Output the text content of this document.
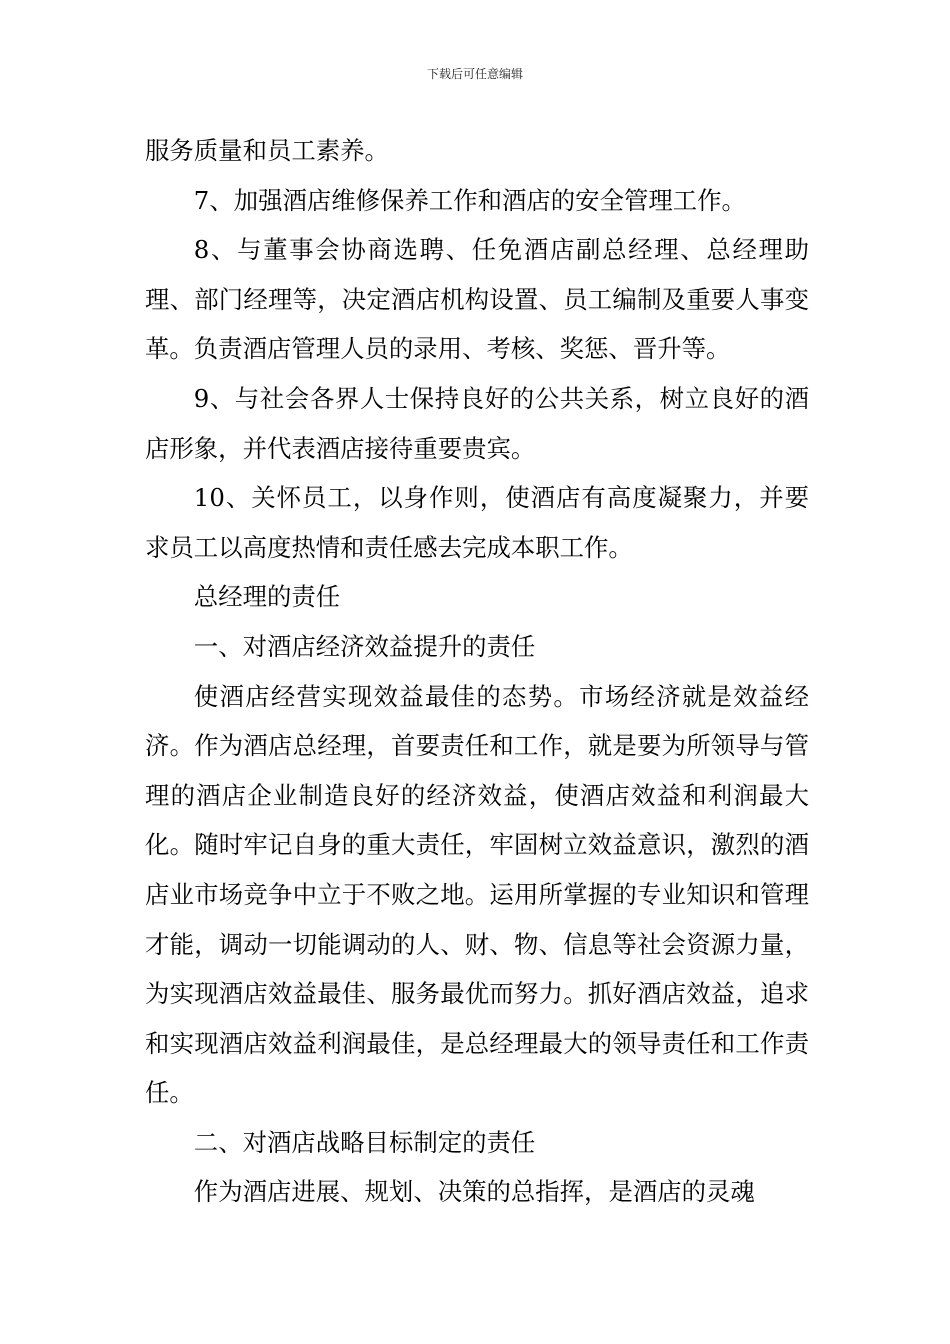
下载后可任意编辑

服务质量和员工素养。

7、加强酒店维修保养工作和酒店的安全管理工作。

8、与董事会协商选聘、任免酒店副总经理、总经理助理、部门经理等，决定酒店机构设置、员工编制及重要人事变革。负责酒店管理人员的录用、考核、奖惩、晋升等。

9、与社会各界人士保持良好的公共关系，树立良好的酒店形象，并代表酒店接待重要贵宾。

10、关怀员工，以身作则，使酒店有高度凝聚力，并要求员工以高度热情和责任感去完成本职工作。

总经理的责任

一、对酒店经济效益提升的责任

使酒店经营实现效益最佳的态势。市场经济就是效益经济。作为酒店总经理，首要责任和工作，就是要为所领导与管理的酒店企业制造良好的经济效益，使酒店效益和利润最大化。随时牢记自身的重大责任，牢固树立效益意识，激烈的酒店业市场竞争中立于不败之地。运用所掌握的专业知识和管理才能，调动一切能调动的人、财、物、信息等社会资源力量，为实现酒店效益最佳、服务最优而努力。抓好酒店效益，追求和实现酒店效益利润最佳，是总经理最大的领导责任和工作责任。

二、对酒店战略目标制定的责任

作为酒店进展、规划、决策的总指挥，是酒店的灵魂
